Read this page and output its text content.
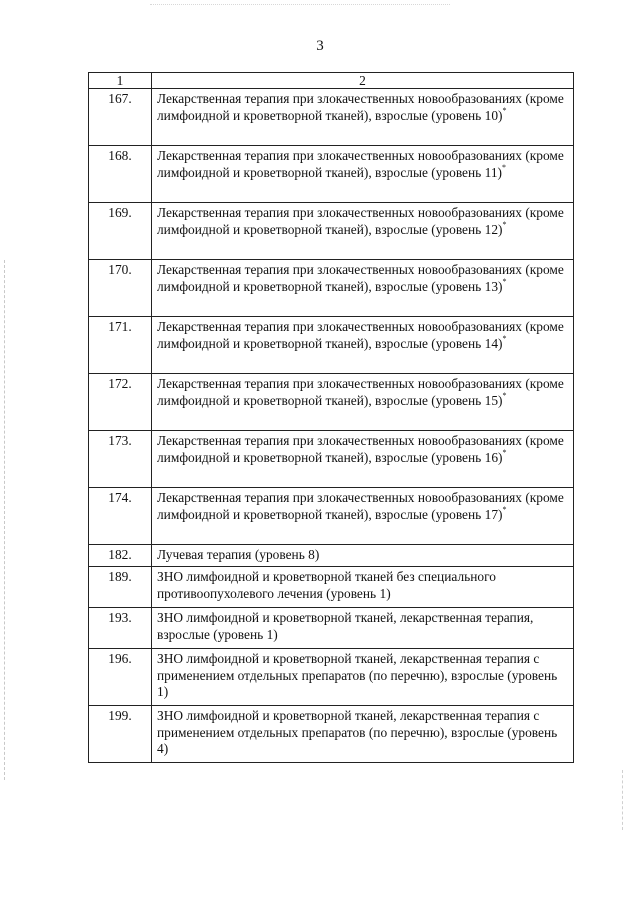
3
1	2
167.	Лекарственная терапия при злокачественных новообразованиях (кроме лимфоидной и кроветворной тканей), взрослые (уровень 10)*
168.	Лекарственная терапия при злокачественных новообразованиях (кроме лимфоидной и кроветворной тканей), взрослые (уровень 11)*
169.	Лекарственная терапия при злокачественных новообразованиях (кроме лимфоидной и кроветворной тканей), взрослые (уровень 12)*
170.	Лекарственная терапия при злокачественных новообразованиях (кроме лимфоидной и кроветворной тканей), взрослые (уровень 13)*
171.	Лекарственная терапия при злокачественных новообразованиях (кроме лимфоидной и кроветворной тканей), взрослые (уровень 14)*
172.	Лекарственная терапия при злокачественных новообразованиях (кроме лимфоидной и кроветворной тканей), взрослые (уровень 15)*
173.	Лекарственная терапия при злокачественных новообразованиях (кроме лимфоидной и кроветворной тканей), взрослые (уровень 16)*
174.	Лекарственная терапия при злокачественных новообразованиях (кроме лимфоидной и кроветворной тканей), взрослые (уровень 17)*
182.	Лучевая терапия (уровень 8)
189.	ЗНО лимфоидной и кроветворной тканей без специального противоопухолевого лечения (уровень 1)
193.	ЗНО лимфоидной и кроветворной тканей, лекарственная терапия, взрослые (уровень 1)
196.	ЗНО лимфоидной и кроветворной тканей, лекарственная терапия с применением отдельных препаратов (по перечню), взрослые (уровень 1)
199.	ЗНО лимфоидной и кроветворной тканей, лекарственная терапия с применением отдельных препаратов (по перечню), взрослые (уровень 4)
